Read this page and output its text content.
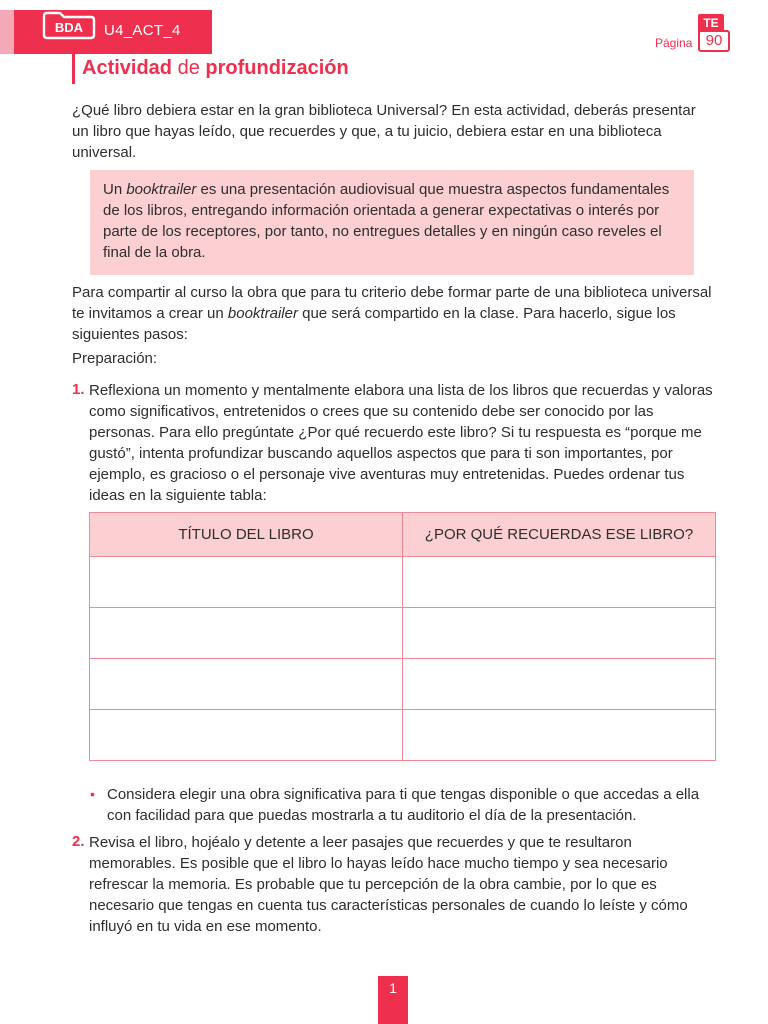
BDA U4_ACT_4
Página
TE
90
Actividad de profundización
¿Qué libro debiera estar en la gran biblioteca Universal? En esta actividad, deberás presentar un libro que hayas leído, que recuerdes y que, a tu juicio, debiera estar en una biblioteca universal.
Un booktrailer es una presentación audiovisual que muestra aspectos fundamentales de los libros, entregando información orientada a generar expectativas o interés por parte de los receptores, por tanto, no entregues detalles y en ningún caso reveles el final de la obra.
Para compartir al curso la obra que para tu criterio debe formar parte de una biblioteca universal te invitamos a crear un booktrailer que será compartido en la clase. Para hacerlo, sigue los siguientes pasos:
Preparación:
1. Reflexiona un momento y mentalmente elabora una lista de los libros que recuerdas y valoras como significativos, entretenidos o crees que su contenido debe ser conocido por las personas. Para ello pregúntate ¿Por qué recuerdo este libro? Si tu respuesta es “porque me gustó”, intenta profundizar buscando aquellos aspectos que para ti son importantes, por ejemplo, es gracioso o el personaje vive aventuras muy entretenidas. Puedes ordenar tus ideas en la siguiente tabla:
TÍTULO DEL LIBRO	¿POR QUÉ RECUERDAS ESE LIBRO?

• Considera elegir una obra significativa para ti que tengas disponible o que accedas a ella con facilidad para que puedas mostrarla a tu auditorio el día de la presentación.
2. Revisa el libro, hojéalo y detente a leer pasajes que recuerdes y que te resultaron memorables. Es posible que el libro lo hayas leído hace mucho tiempo y sea necesario refrescar la memoria. Es probable que tu percepción de la obra cambie, por lo que es necesario que tengas en cuenta tus características personales de cuando lo leíste y cómo influyó en tu vida en ese momento.
1
